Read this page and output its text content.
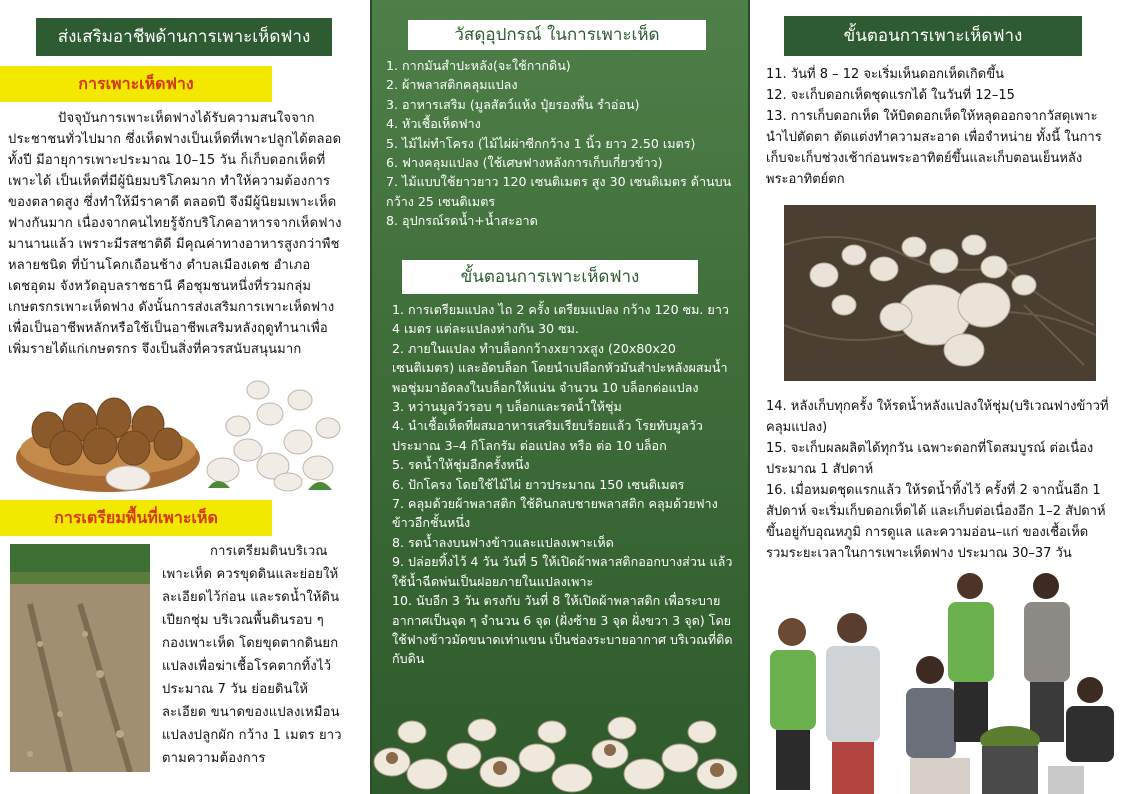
ส่งเสริมอาชีพด้านการเพาะเห็ดฟาง
การเพาะเห็ดฟาง
ปัจจุบันการเพาะเห็ดฟางได้รับความสนใจจากประชาชนทั่วไปมาก ซึ่งเห็ดฟางเป็นเห็ดที่เพาะปลูกได้ตลอดทั้งปี มีอายุการเพาะประมาณ 10–15 วัน ก็เก็บดอกเห็ดที่เพาะได้ เป็นเห็ดที่มีผู้นิยมบริโภคมาก ทำให้ความต้องการของตลาดสูง ซึ่งทำให้มีราคาดี ตลอดปี จึงมีผู้นิยมเพาะเห็ดฟางกันมาก เนื่องจากคนไทยรู้จักบริโภคอาหารจากเห็ดฟางมานานแล้ว เพราะมีรสชาติดี มีคุณค่าทางอาหารสูงกว่าพืชหลายชนิด ที่บ้านโคกเถือนช้าง ตำบลเมืองเดช อำเภอเดชอุดม จังหวัดอุบลราชธานี คือชุมชนหนึ่งที่รวมกลุ่มเกษตรกรเพาะเห็ดฟาง ดังนั้นการส่งเสริมการเพาะเห็ดฟางเพื่อเป็นอาชีพหลักหรือใช้เป็นอาชีพเสริมหลังฤดูทำนาเพื่อเพิ่มรายได้แก่เกษตรกร จึงเป็นสิ่งที่ควรสนับสนุนมาก
การเตรียมพื้นที่เพาะเห็ด
การเตรียมดินบริเวณเพาะเห็ด ควรขุดดินและย่อยให้ละเอียดไว้ก่อน และรดน้ำให้ดินเปียกชุ่ม บริเวณพื้นดินรอบ ๆ กองเพาะเห็ด โดยขุดตากดินยกแปลงเพื่อฆ่าเชื้อโรคตากทิ้งไว้ประมาณ 7 วัน ย่อยดินให้ละเอียด ขนาดของแปลงเหมือนแปลงปลูกผัก กว้าง 1 เมตร ยาวตามความต้องการ
วัสดุอุปกรณ์ ในการเพาะเห็ด
1. กากมันสำปะหลัง(จะใช้กากดิน)
2. ผ้าพลาสติกคลุมแปลง
3. อาหารเสริม (มูลสัตว์แห้ง ปุ๋ยรองพื้น รำอ่อน)
4. หัวเชื้อเห็ดฟาง
5. ไม้ไผ่ทำโครง (ไม้ไผ่ผ่าซีกกว้าง 1 นิ้ว ยาว 2.50 เมตร)
6. ฟางคลุมแปลง (ใช้เศษฟางหลังการเก็บเกี่ยวข้าว)
7. ไม้แบบใช้ยาวยาว 120 เซนติเมตร สูง 30 เซนติเมตร ด้านบนกว้าง 25 เซนติเมตร
8. อุปกรณ์รดน้ำ+น้ำสะอาด
ขั้นตอนการเพาะเห็ดฟาง
1. การเตรียมแปลง ไถ 2 ครั้ง เตรียมแปลง กว้าง 120 ซม. ยาว 4 เมตร แต่ละแปลงห่างกัน 30 ซม.
2. ภายในแปลง ทำบล็อกกว้างxยาวxสูง (20x80x20 เซนติเมตร) และอัดบล็อก โดยนำเปลือกหัวมันสำปะหลังผสมน้ำพอชุ่มมาอัดลงในบล็อกให้แน่น จำนวน 10 บล็อกต่อแปลง
3. หว่านมูลวัวรอบ ๆ บล็อกและรดน้ำให้ชุ่ม
4. นำเชื้อเห็ดที่ผสมอาหารเสริมเรียบร้อยแล้ว โรยทับมูลวัว ประมาณ 3–4 กิโลกรัม ต่อแปลง หรือ ต่อ 10 บล็อก
5. รดน้ำให้ชุ่มอีกครั้งหนึ่ง
6. ปักโครง โดยใช้ไม้ไผ่ ยาวประมาณ 150 เซนติเมตร
7. คลุมด้วยผ้าพลาสติก ใช้ดินกลบชายพลาสติก คลุมด้วยฟางข้าวอีกชั้นหนึ่ง
8. รดน้ำลงบนฟางข้าวและแปลงเพาะเห็ด
9. ปล่อยทิ้งไว้ 4 วัน วันที่ 5 ให้เปิดผ้าพลาสติกออกบางส่วน แล้วใช้น้ำฉีดพ่นเป็นฝอยภายในแปลงเพาะ
10. นับอีก 3 วัน ตรงกับ วันที่ 8 ให้เปิดผ้าพลาสติก เพื่อระบายอากาศเป็นจุด ๆ จำนวน 6 จุด (ฝั่งซ้าย 3 จุด ฝั่งขวา 3 จุด) โดยใช้ฟางข้าวมัดขนาดเท่าแขน เป็นช่องระบายอากาศ บริเวณที่ติดกับดิน
ขั้นตอนการเพาะเห็ดฟาง
11. วันที่ 8 – 12 จะเริ่มเห็นดอกเห็ดเกิดขึ้น
12. จะเก็บดอกเห็ดชุดแรกได้ ในวันที่ 12–15
13. การเก็บดอกเห็ด ให้บิดดอกเห็ดให้หลุดออกจากวัสดุเพาะ นำไปตัดตา ตัดแต่งทำความสะอาด เพื่อจำหน่าย ทั้งนี้ ในการเก็บจะเก็บช่วงเช้าก่อนพระอาทิตย์ขึ้นและเก็บตอนเย็นหลังพระอาทิตย์ตก
14. หลังเก็บทุกครั้ง ให้รดน้ำหลังแปลงให้ชุ่ม(บริเวณฟางข้าวที่คลุมแปลง)
15. จะเก็บผลผลิตได้ทุกวัน เฉพาะดอกที่โตสมบูรณ์ ต่อเนื่องประมาณ 1 สัปดาห์
16. เมื่อหมดชุดแรกแล้ว ให้รดน้ำทิ้งไว้ ครั้งที่ 2 จากนั้นอีก 1 สัปดาห์ จะเริ่มเก็บดอกเห็ดได้ และเก็บต่อเนื่องอีก 1–2 สัปดาห์ ขึ้นอยู่กับอุณหภูมิ การดูแล และความอ่อน–แก่ ของเชื้อเห็ด รวมระยะเวลาในการเพาะเห็ดฟาง ประมาณ 30–37 วัน
